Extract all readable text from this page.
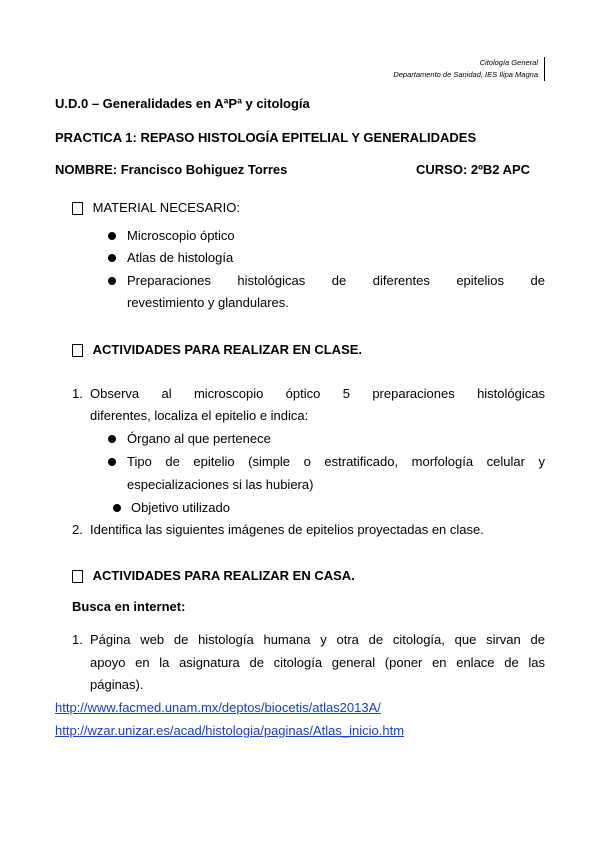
Citología General
Departamento de Sanidad, IES Ilipa Magna
U.D.0 – Generalidades en AªPª y citología
PRACTICA 1: REPASO HISTOLOGÍA EPITELIAL Y GENERALIDADES
NOMBRE: Francisco Bohiguez Torres	CURSO: 2ºB2 APC
MATERIAL NECESARIO:
Microscopio óptico
Atlas de histología
Preparaciones histológicas de diferentes epitelios de
revestimiento y glandulares.
ACTIVIDADES PARA REALIZAR EN CLASE.
1. Observa al microscopio óptico 5 preparaciones histológicas
diferentes, localiza el epitelio e indica:
Órgano al que pertenece
Tipo de epitelio (simple o estratificado, morfología celular y
especializaciones si las hubiera)
Objetivo utilizado
2. Identifica las siguientes imágenes de epitelios proyectadas en clase.
ACTIVIDADES PARA REALIZAR EN CASA.
Busca en internet:
1. Página web de histología humana y otra de citología, que sirvan de
apoyo en la asignatura de citología general (poner en enlace de las
páginas).
http://www.facmed.unam.mx/deptos/biocetis/atlas2013A/
http://wzar.unizar.es/acad/histologia/paginas/Atlas_inicio.htm
